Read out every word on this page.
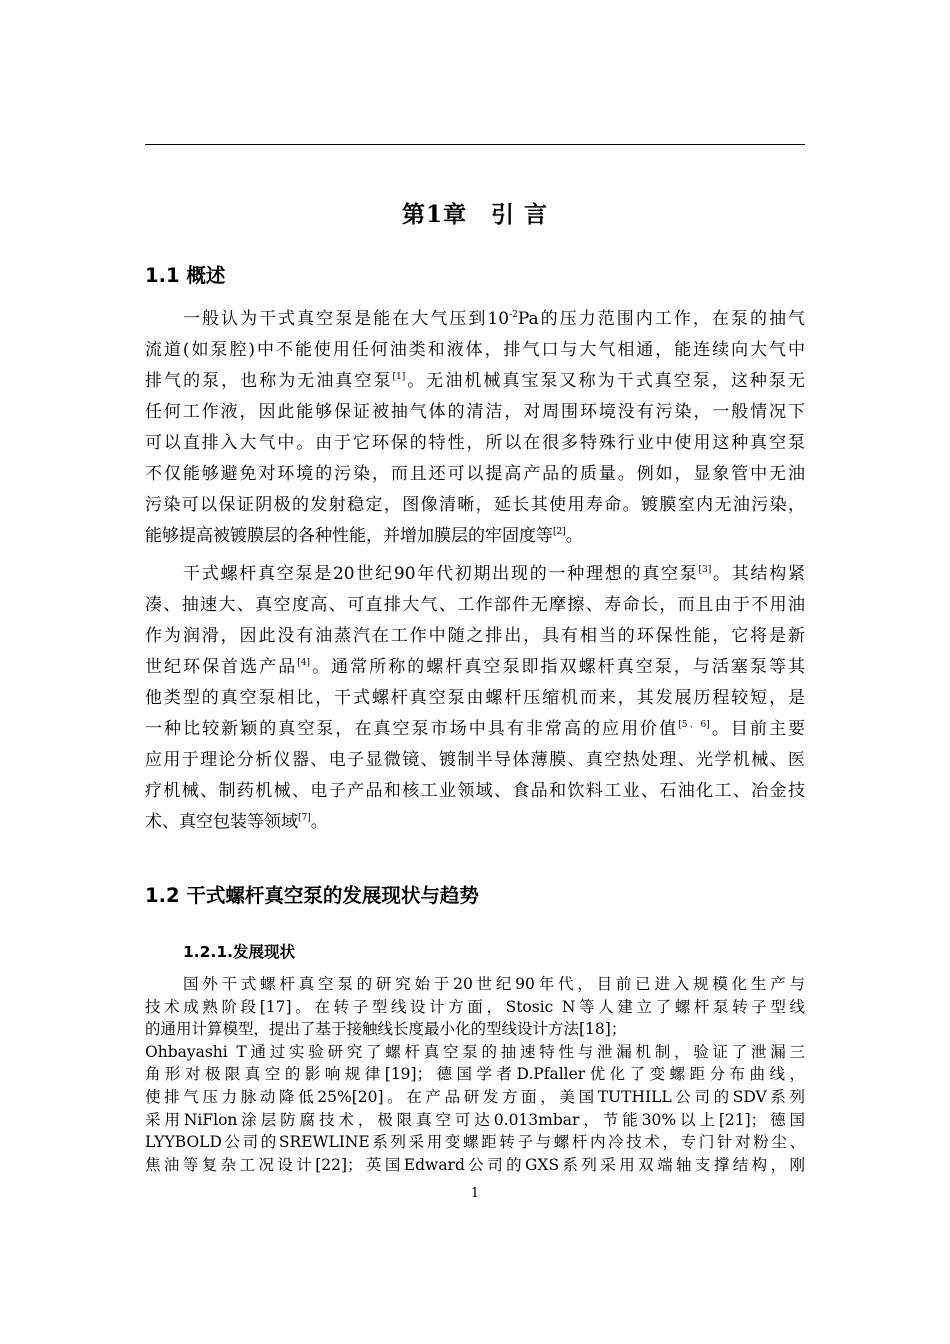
第1章　引 言
1.1 概述
一般认为干式真空泵是能在大气压到$10^{-2}Pa$的压力范围内工作，在泵的抽气
流道(如泵腔)中不能使用任何油类和液体，排气口与大气相通，能连续向大气中
排气的泵，也称为无油真空泵[1]。无油机械真宝泵又称为干式真空泵，这种泵无
任何工作液，因此能够保证被抽气体的清洁，对周围环境没有污染，一般情况下
可以直排入大气中。由于它环保的特性，所以在很多特殊行业中使用这种真空泵
不仅能够避免对环境的污染，而且还可以提高产品的质量。例如，显象管中无油
污染可以保证阴极的发射稳定，图像清晰，延长其使用寿命。镀膜室内无油污染，
能够提高被镀膜层的各种性能，并增加膜层的牢固度等[2]。
干式螺杆真空泵是20世纪90年代初期出现的一种理想的真空泵[3]。其结构紧
凑、抽速大、真空度高、可直排大气、工作部件无摩擦、寿命长，而且由于不用油
作为润滑，因此没有油蒸汽在工作中随之排出，具有相当的环保性能，它将是新
世纪环保首选产品[4]。通常所称的螺杆真空泵即指双螺杆真空泵，与活塞泵等其
他类型的真空泵相比，干式螺杆真空泵由螺杆压缩机而来，其发展历程较短，是
一种比较新颖的真空泵，在真空泵市场中具有非常高的应用价值[5、6]。目前主要
应用于理论分析仪器、电子显微镜、镀制半导体薄膜、真空热处理、光学机械、医
疗机械、制药机械、电子产品和核工业领域、食品和饮料工业、石油化工、冶金技
术、真空包装等领域[7]。
1.2 干式螺杆真空泵的发展现状与趋势
1.2.1.发展现状
国外干式螺杆真空泵的研究始于20世纪90年代，目前已进入规模化生产与
技术成熟阶段[17]。在转子型线设计方面，Stosic N等人建立了螺杆泵转子型线
的通用计算模型，提出了基于接触线长度最小化的型线设计方法[18]；
Ohbayashi T通过实验研究了螺杆真空泵的抽速特性与泄漏机制，验证了泄漏三
角形对极限真空的影响规律[19]；德国学者D.Pfaller优化了变螺距分布曲线，
使排气压力脉动降低25%[20]。在产品研发方面，美国TUTHILL公司的SDV系列
采用NiFlon涂层防腐技术，极限真空可达0.013mbar，节能30%以上[21]；德国
LYYBOLD公司的SREWLINE系列采用变螺距转子与螺杆内冷技术，专门针对粉尘、
焦油等复杂工况设计[22]；英国Edward公司的GXS系列采用双端轴支撑结构，刚
1
